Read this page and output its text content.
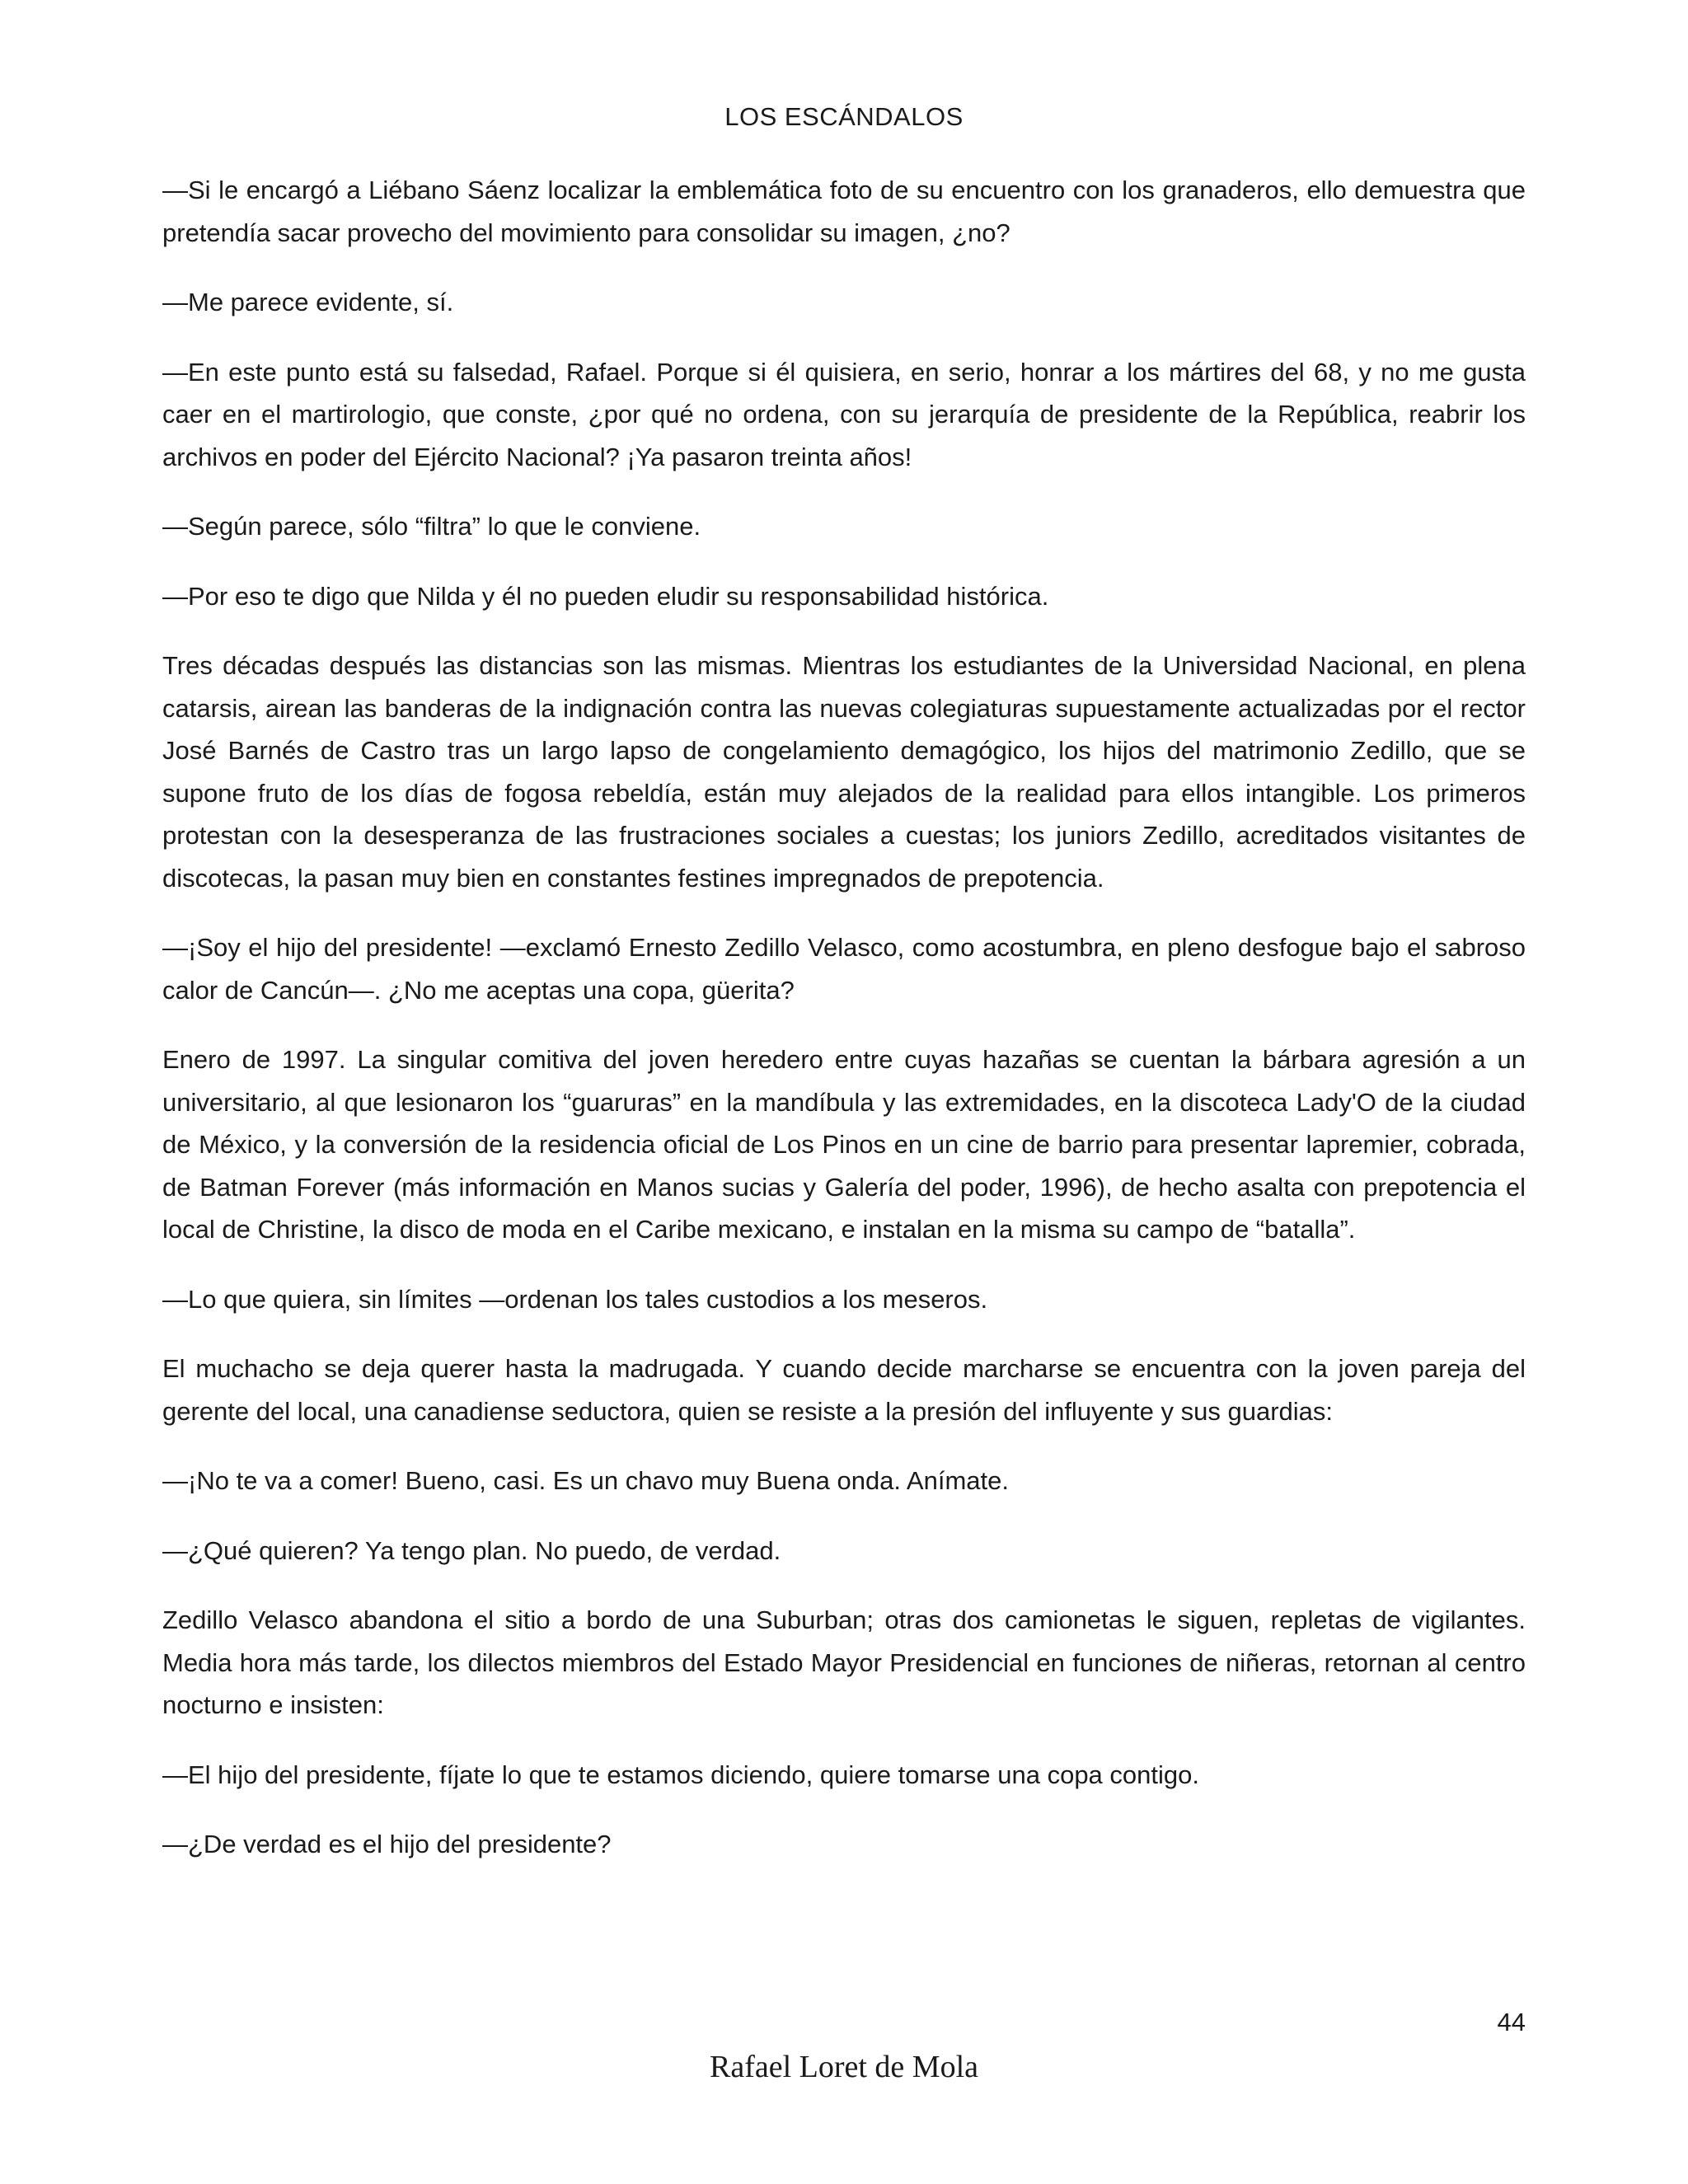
LOS ESCÁNDALOS

—Si le encargó a Liébano Sáenz localizar la emblemática foto de su encuentro con los granaderos, ello demuestra que pretendía sacar provecho del movimiento para consolidar su imagen, ¿no?

—Me parece evidente, sí.

—En este punto está su falsedad, Rafael. Porque si él quisiera, en serio, honrar a los mártires del 68, y no me gusta caer en el martirologio, que conste, ¿por qué no ordena, con su jerarquía de presidente de la República, reabrir los archivos en poder del Ejército Nacional? ¡Ya pasaron treinta años!

—Según parece, sólo “filtra” lo que le conviene.

—Por eso te digo que Nilda y él no pueden eludir su responsabilidad histórica.

Tres décadas después las distancias son las mismas. Mientras los estudiantes de la Universidad Nacional, en plena catarsis, airean las banderas de la indignación contra las nuevas colegiaturas supuestamente actualizadas por el rector José Barnés de Castro tras un largo lapso de congelamiento demagógico, los hijos del matrimonio Zedillo, que se supone fruto de los días de fogosa rebeldía, están muy alejados de la realidad para ellos intangible. Los primeros protestan con la desesperanza de las frustraciones sociales a cuestas; los juniors Zedillo, acreditados visitantes de discotecas, la pasan muy bien en constantes festines impregnados de prepotencia.

—¡Soy el hijo del presidente! —exclamó Ernesto Zedillo Velasco, como acostumbra, en pleno desfogue bajo el sabroso calor de Cancún—. ¿No me aceptas una copa, güerita?

Enero de 1997. La singular comitiva del joven heredero entre cuyas hazañas se cuentan la bárbara agresión a un universitario, al que lesionaron los “guaruras” en la mandíbula y las extremidades, en la discoteca Lady'O de la ciudad de México, y la conversión de la residencia oficial de Los Pinos en un cine de barrio para presentar lapremier, cobrada, de Batman Forever (más información en Manos sucias y Galería del poder, 1996), de hecho asalta con prepotencia el local de Christine, la disco de moda en el Caribe mexicano, e instalan en la misma su campo de “batalla”.

—Lo que quiera, sin límites —ordenan los tales custodios a los meseros.

El muchacho se deja querer hasta la madrugada. Y cuando decide marcharse se encuentra con la joven pareja del gerente del local, una canadiense seductora, quien se resiste a la presión del influyente y sus guardias:

—¡No te va a comer! Bueno, casi. Es un chavo muy Buena onda. Anímate.

—¿Qué quieren? Ya tengo plan. No puedo, de verdad.

Zedillo Velasco abandona el sitio a bordo de una Suburban; otras dos camionetas le siguen, repletas de vigilantes. Media hora más tarde, los dilectos miembros del Estado Mayor Presidencial en funciones de niñeras, retornan al centro nocturno e insisten:

—El hijo del presidente, fíjate lo que te estamos diciendo, quiere tomarse una copa contigo.

—¿De verdad es el hijo del presidente?

44
Rafael Loret de Mola
